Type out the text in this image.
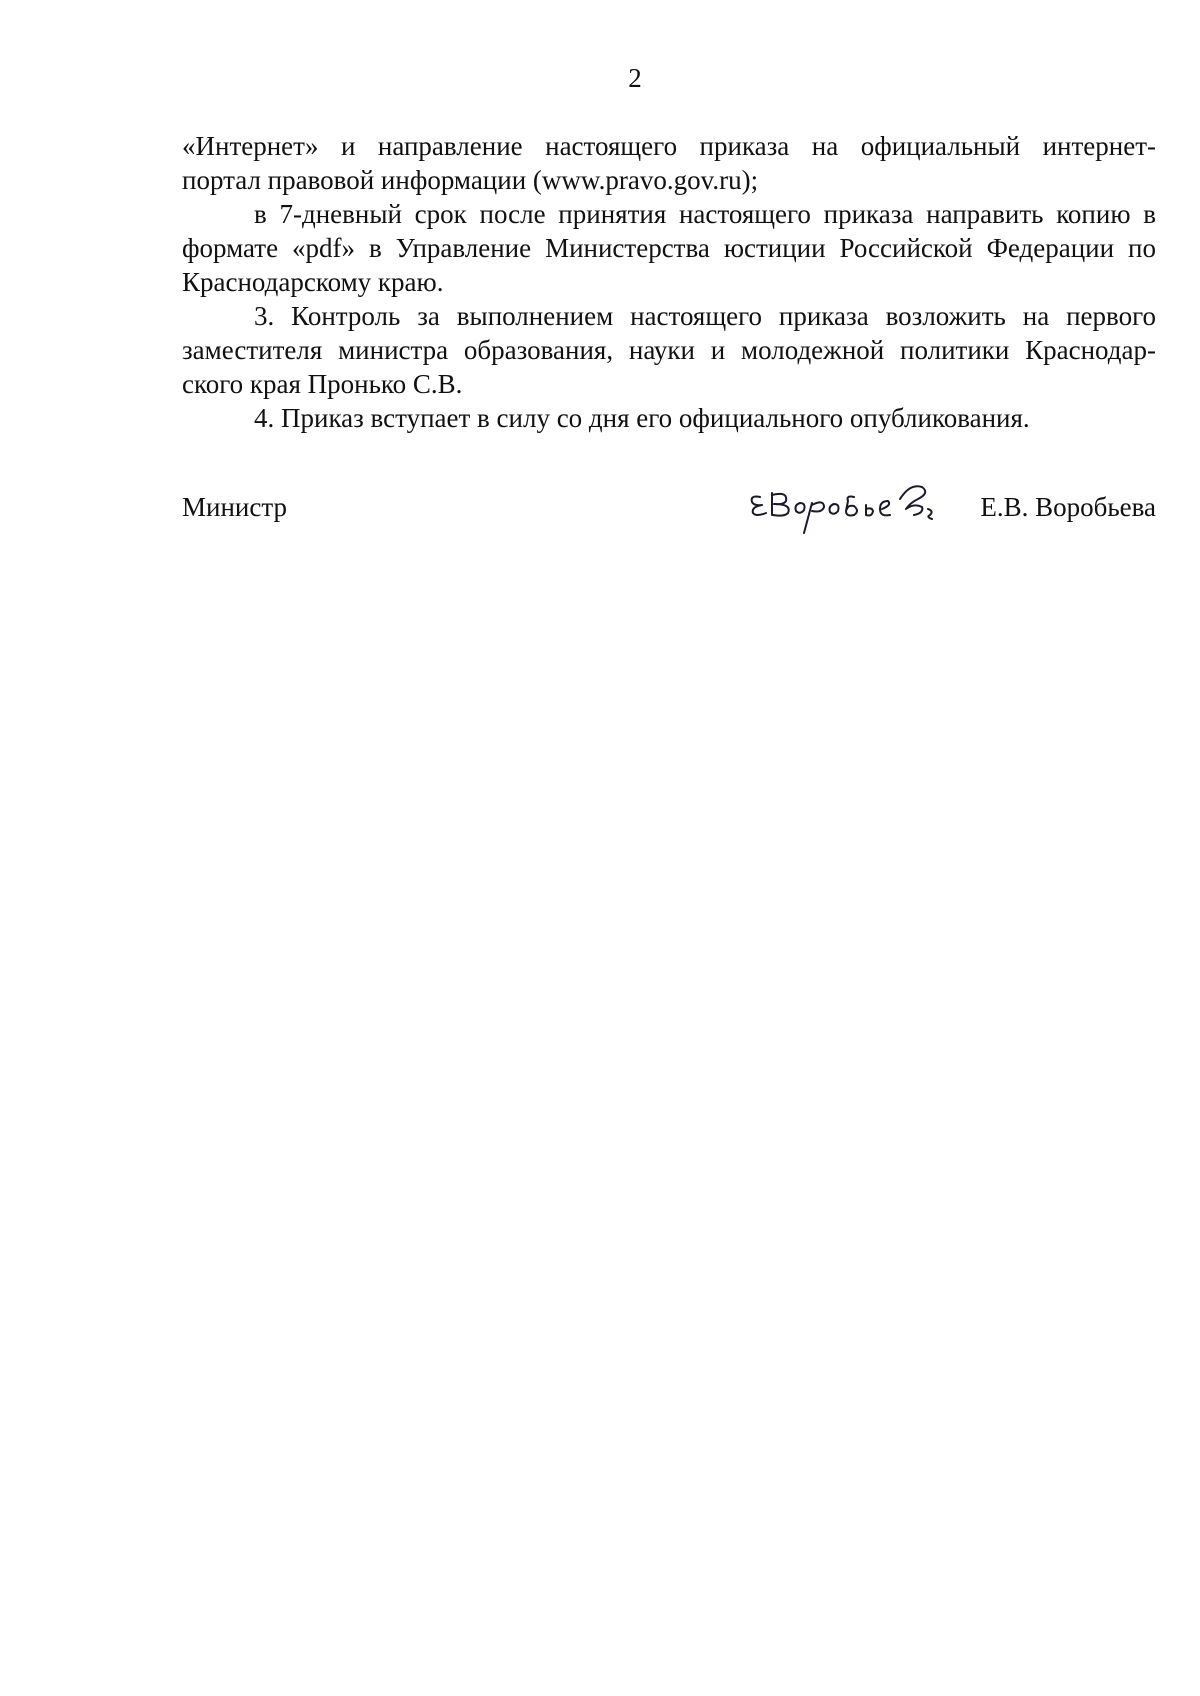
2

«Интернет» и направление настоящего приказа на официальный интернет-
портал правовой информации (www.pravo.gov.ru);

в 7-дневный срок после принятия настоящего приказа направить копию в
формате «pdf» в Управление Министерства юстиции Российской Федерации по
Краснодарскому краю.

3. Контроль за выполнением настоящего приказа возложить на первого
заместителя министра образования, науки и молодежной политики Краснодар-
ского края Пронько С.В.

4. Приказ вступает в силу со дня его официального опубликования.

Министр	Е.В. Воробьева
